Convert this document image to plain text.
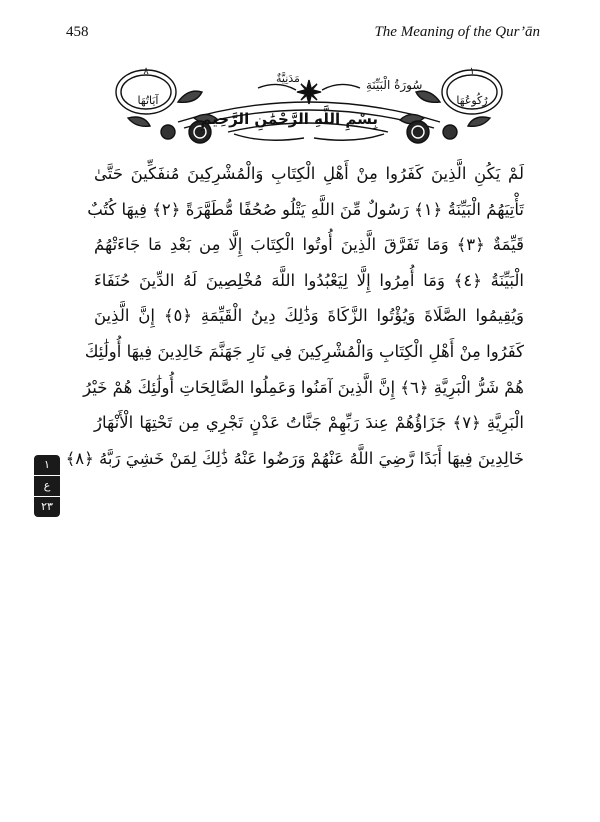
458	The Meaning of the Qur’ān
سُورَةُ الْبَيِّنَةِ
مَدَنِيَّةٌ
٨
آيَاتُهَا
١
رُكُوعُهَا
بِسْمِ اللَّهِ الرَّحْمَٰنِ الرَّحِيمِ
لَمْ يَكُنِ الَّذِينَ كَفَرُوا مِنْ أَهْلِ الْكِتَابِ وَالْمُشْرِكِينَ مُنفَكِّينَ حَتَّىٰ
تَأْتِيَهُمُ الْبَيِّنَةُ ﴿١﴾ رَسُولٌ مِّنَ اللَّهِ يَتْلُو صُحُفًا مُّطَهَّرَةً ﴿٢﴾ فِيهَا كُتُبٌ
قَيِّمَةٌ ﴿٣﴾ وَمَا تَفَرَّقَ الَّذِينَ أُوتُوا الْكِتَابَ إِلَّا مِن بَعْدِ مَا جَاءَتْهُمُ
الْبَيِّنَةُ ﴿٤﴾ وَمَا أُمِرُوا إِلَّا لِيَعْبُدُوا اللَّهَ مُخْلِصِينَ لَهُ الدِّينَ حُنَفَاءَ
وَيُقِيمُوا الصَّلَاةَ وَيُؤْتُوا الزَّكَاةَ وَذَٰلِكَ دِينُ الْقَيِّمَةِ ﴿٥﴾ إِنَّ الَّذِينَ
كَفَرُوا مِنْ أَهْلِ الْكِتَابِ وَالْمُشْرِكِينَ فِي نَارِ جَهَنَّمَ خَالِدِينَ فِيهَا أُولَٰئِكَ
هُمْ شَرُّ الْبَرِيَّةِ ﴿٦﴾ إِنَّ الَّذِينَ آمَنُوا وَعَمِلُوا الصَّالِحَاتِ أُولَٰئِكَ هُمْ خَيْرُ
الْبَرِيَّةِ ﴿٧﴾ جَزَاؤُهُمْ عِندَ رَبِّهِمْ جَنَّاتُ عَدْنٍ تَجْرِي مِن تَحْتِهَا الْأَنْهَارُ
خَالِدِينَ فِيهَا أَبَدًا رَّضِيَ اللَّهُ عَنْهُمْ وَرَضُوا عَنْهُ ذَٰلِكَ لِمَنْ خَشِيَ رَبَّهُ ﴿٨﴾
١
ع
٢٣
